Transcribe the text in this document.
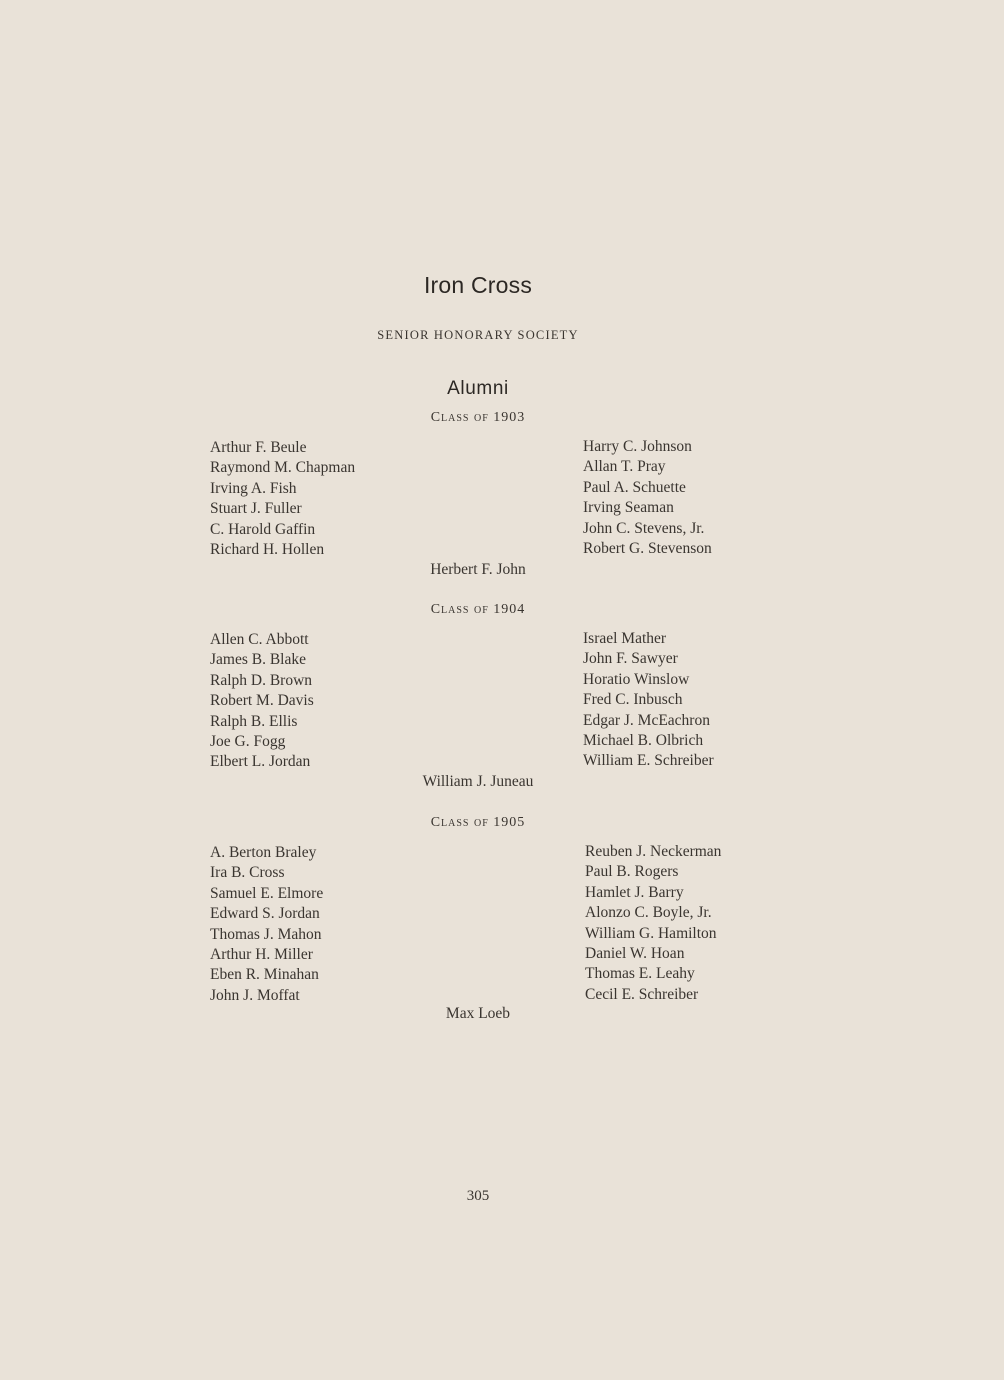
Iron Cross
SENIOR HONORARY SOCIETY
Alumni
Class of 1903
Arthur F. Beule
Raymond M. Chapman
Irving A. Fish
Stuart J. Fuller
C. Harold Gaffin
Richard H. Hollen
Harry C. Johnson
Allan T. Pray
Paul A. Schuette
Irving Seaman
John C. Stevens, Jr.
Robert G. Stevenson
Herbert F. John
Class of 1904
Allen C. Abbott
James B. Blake
Ralph D. Brown
Robert M. Davis
Ralph B. Ellis
Joe G. Fogg
Elbert L. Jordan
Israel Mather
John F. Sawyer
Horatio Winslow
Fred C. Inbusch
Edgar J. McEachron
Michael B. Olbrich
William E. Schreiber
William J. Juneau
Class of 1905
A. Berton Braley
Ira B. Cross
Samuel E. Elmore
Edward S. Jordan
Thomas J. Mahon
Arthur H. Miller
Eben R. Minahan
John J. Moffat
Reuben J. Neckerman
Paul B. Rogers
Hamlet J. Barry
Alonzo C. Boyle, Jr.
William G. Hamilton
Daniel W. Hoan
Thomas E. Leahy
Cecil E. Schreiber
Max Loeb
305
